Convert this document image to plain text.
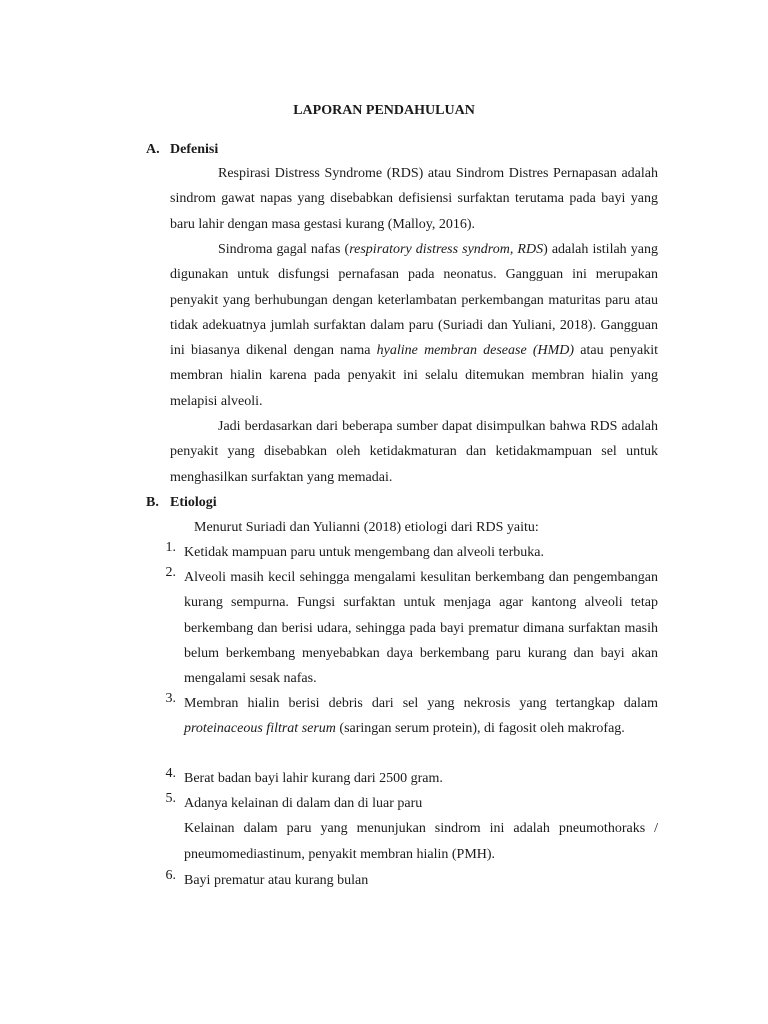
LAPORAN PENDAHULUAN
A. Defenisi

Respirasi Distress Syndrome (RDS) atau Sindrom Distres Pernapasan adalah sindrom gawat napas yang disebabkan defisiensi surfaktan terutama pada bayi yang baru lahir dengan masa gestasi kurang (Malloy, 2016).

Sindroma gagal nafas (respiratory distress syndrom, RDS) adalah istilah yang digunakan untuk disfungsi pernafasan pada neonatus. Gangguan ini merupakan penyakit yang berhubungan dengan keterlambatan perkembangan maturitas paru atau tidak adekuatnya jumlah surfaktan dalam paru (Suriadi dan Yuliani, 2018). Gangguan ini biasanya dikenal dengan nama hyaline membran desease (HMD) atau penyakit membran hialin karena pada penyakit ini selalu ditemukan membran hialin yang melapisi alveoli.

Jadi berdasarkan dari beberapa sumber dapat disimpulkan bahwa RDS adalah penyakit yang disebabkan oleh ketidakmaturan dan ketidakmampuan sel untuk menghasilkan surfaktan yang memadai.

B. Etiologi

Menurut Suriadi dan Yulianni (2018) etiologi dari RDS yaitu:

1. Ketidak mampuan paru untuk mengembang dan alveoli terbuka.

2. Alveoli masih kecil sehingga mengalami kesulitan berkembang dan pengembangan kurang sempurna. Fungsi surfaktan untuk menjaga agar kantong alveoli tetap berkembang dan berisi udara, sehingga pada bayi prematur dimana surfaktan masih belum berkembang menyebabkan daya berkembang paru kurang dan bayi akan mengalami sesak nafas.

3. Membran hialin berisi debris dari sel yang nekrosis yang tertangkap dalam proteinaceous filtrat serum (saringan serum protein), di fagosit oleh makrofag.

4. Berat badan bayi lahir kurang dari 2500 gram.

5. Adanya kelainan di dalam dan di luar paru

Kelainan dalam paru yang menunjukan sindrom ini adalah pneumothoraks / pneumomediastinum, penyakit membran hialin (PMH).

6. Bayi prematur atau kurang bulan
